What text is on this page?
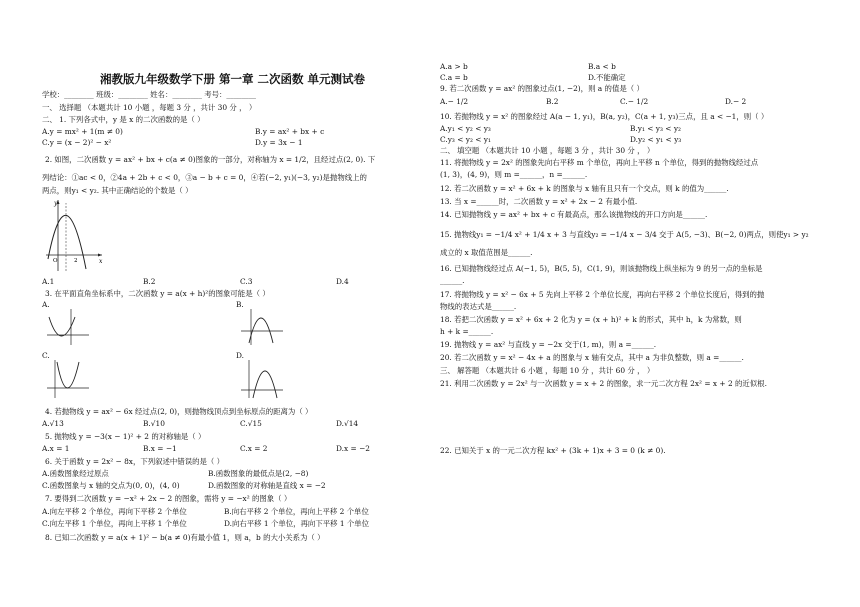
湘教版九年级数学下册 第一章 二次函数 单元测试卷
学校：________ 班级：________ 姓名：________ 考号：________
一、 选择题 （本题共计 10 小题 ，每题 3 分 ，共计 30 分 ， ）
二、 1. 下列各式中，y 是 x 的二次函数的是（ ）
A.y = mx² + 1(m ≠ 0)	B.y = ax² + bx + c
C.y = (x − 2)² − x²	D.y = 3x − 1
2. 如图，二次函数 y = ax² + bx + c(a ≠ 0)图象的一部分，对称轴为 x = 1/2，且经过点(2, 0). 下
列结论：①ac < 0，②4a + 2b + c < 0，③a − b + c = 0，④若(−2, y₁)(−3, y₂)是抛物线上的
两点，则y₁ < y₂. 其中正确结论的个数是（ ）
y
x
O	2
A.1	B.2	C.3	D.4
3. 在平面直角坐标系中，二次函数 y = a(x + h)²的图象可能是（ ）
A.	B.
C.	D.
4. 若抛物线 y = ax² − 6x 经过点(2, 0)，则抛物线顶点到坐标原点的距离为（ ）
A.√13	B.√10	C.√15	D.√14
5. 抛物线 y = −3(x − 1)² + 2 的对称轴是（ ）
A.x = 1	B.x = −1	C.x = 2	D.x = −2
6. 关于函数 y = 2x² − 8x，下列叙述中错误的是（ ）
A.函数图象经过原点	B.函数图象的最低点是(2, −8)
C.函数图象与 x 轴的交点为(0, 0)，(4, 0)	D.函数图象的对称轴是直线 x = −2
7. 要得到二次函数 y = −x² + 2x − 2 的图象，需将 y = −x² 的图象（ ）
A.向左平移 2 个单位，再向下平移 2 个单位	B.向右平移 2 个单位，再向上平移 2 个单位
C.向左平移 1 个单位，再向上平移 1 个单位	D.向右平移 1 个单位，再向下平移 1 个单位
8. 已知二次函数 y = a(x + 1)² − b(a ≠ 0)有最小值 1，则 a，b 的大小关系为（ ）
A.a > b	B.a < b
C.a = b	D.不能确定
9. 若二次函数 y = ax² 的图象过点(1, −2)，则 a 的值是（ ）
A.− 1/2	B.2	C.− 1/2	D.− 2
10. 若抛物线 y = x² 的图象经过 A(a − 1, y₁)，B(a, y₂)，C(a + 1, y₃)三点，且 a < −1，则（ ）
A.y₁ < y₂ < y₃	B.y₁ < y₃ < y₂
C.y₃ < y₂ < y₁	D.y₂ < y₁ < y₃
二、 填空题 （本题共计 10 小题 ，每题 3 分 ，共计 30 分 ， ）
11. 将抛物线 y = 2x² 的图象先向右平移 m 个单位，再向上平移 n 个单位，得到的抛物线经过点
(1, 3)，(4, 9)，则 m =______，n =______.
12. 若二次函数 y = x² + 6x + k 的图象与 x 轴有且只有一个交点，则 k 的值为______.
13. 当 x =______时，二次函数 y = x² + 2x − 2 有最小值.
14. 已知抛物线 y = ax² + bx + c 有最高点，那么该抛物线的开口方向是______.
15. 抛物线y₁ = −1/4 x² + 1/4 x + 3 与直线y₂ = −1/4 x − 3/4 交于 A(5, −3)、B(−2, 0)两点，则使y₁ > y₂
成立的 x 取值范围是______.
16. 已知抛物线经过点 A(−1, 5)，B(5, 5)，C(1, 9)，则该抛物线上纵坐标为 9 的另一点的坐标是
______.
17. 将抛物线 y = x² − 6x + 5 先向上平移 2 个单位长度，再向右平移 2 个单位长度后，得到的抛
物线的表达式是______.
18. 若把二次函数 y = x² + 6x + 2 化为 y = (x + h)² + k 的形式，其中 h，k 为常数，则
h + k =______.
19. 抛物线 y = ax² 与直线 y = −2x 交于(1, m)，则 a =______.
20. 若二次函数 y = x² − 4x + a 的图象与 x 轴有交点，其中 a 为非负整数，则 a =______.
三、 解答题 （本题共计 6 小题 ，每题 10 分 ，共计 60 分 ， ）
21. 利用二次函数 y = 2x² 与一次函数 y = x + 2 的图象，求一元二次方程 2x² = x + 2 的近似根.
22. 已知关于 x 的一元二次方程 kx² + (3k + 1)x + 3 = 0 (k ≠ 0).
